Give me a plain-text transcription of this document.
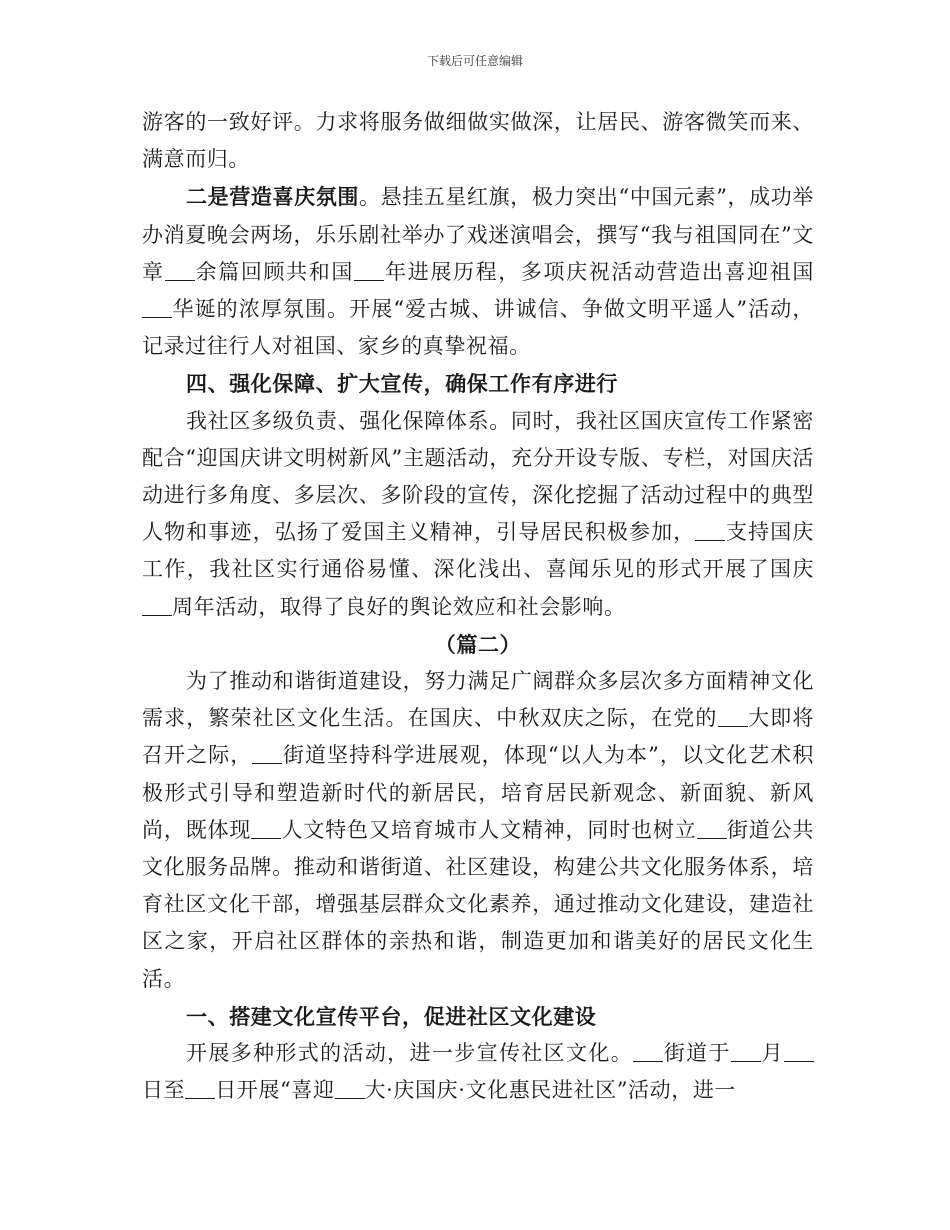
下载后可任意编辑

游客的一致好评。力求将服务做细做实做深，让居民、游客微笑而来、满意而归。

二是营造喜庆氛围。悬挂五星红旗，极力突出“中国元素”，成功举办消夏晚会两场，乐乐剧社举办了戏迷演唱会，撰写“我与祖国同在”文章 余篇回顾共和国 年进展历程，多项庆祝活动营造出喜迎祖国华诞的浓厚氛围。开展“爱古城、讲诚信、争做文明平遥人”活动，记录过往行人对祖国、家乡的真挚祝福。

四、强化保障、扩大宣传，确保工作有序进行

我社区多级负责、强化保障体系。同时，我社区国庆宣传工作紧密配合“迎国庆讲文明树新风”主题活动，充分开设专版、专栏，对国庆活动进行多角度、多层次、多阶段的宣传，深化挖掘了活动过程中的典型人物和事迹，弘扬了爱国主义精神，引导居民积极参加， 支持国庆工作，我社区实行通俗易懂、深化浅出、喜闻乐见的形式开展了国庆周年活动，取得了良好的舆论效应和社会影响。

（篇二）

为了推动和谐街道建设，努力满足广阔群众多层次多方面精神文化需求，繁荣社区文化生活。在国庆、中秋双庆之际，在党的 大即将召开之际， 街道坚持科学进展观，体现“以人为本”，以文化艺术积极形式引导和塑造新时代的新居民，培育居民新观念、新面貌、新风尚，既体现 人文特色又培育城市人文精神，同时也树立 街道公共文化服务品牌。推动和谐街道、社区建设，构建公共文化服务体系，培育社区文化干部，增强基层群众文化素养，通过推动文化建设，建造社区之家，开启社区群体的亲热和谐，制造更加和谐美好的居民文化生活。

一、搭建文化宣传平台，促进社区文化建设

开展多种形式的活动，进一步宣传社区文化。 街道于 月日至 日开展“喜迎 大·庆国庆·文化惠民进社区”活动，进一
